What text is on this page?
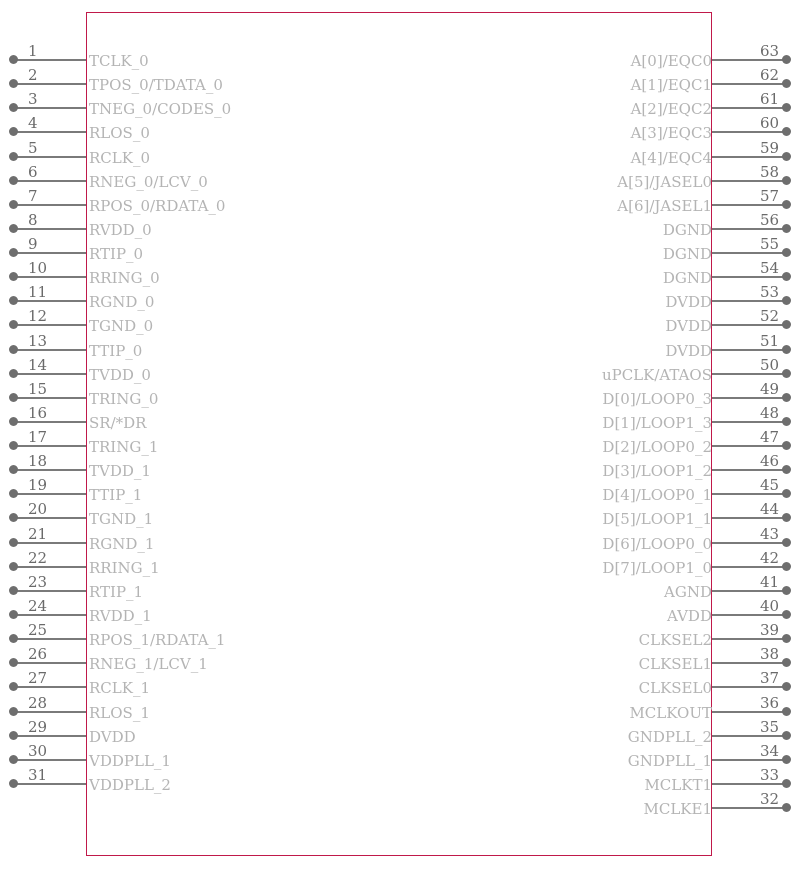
1
TCLK_0
2
TPOS_0/TDATA_0
3
TNEG_0/CODES_0
4
RLOS_0
5
RCLK_0
6
RNEG_0/LCV_0
7
RPOS_0/RDATA_0
8
RVDD_0
9
RTIP_0
10
RRING_0
11
RGND_0
12
TGND_0
13
TTIP_0
14
TVDD_0
15
TRING_0
16
SR/*DR
17
TRING_1
18
TVDD_1
19
TTIP_1
20
TGND_1
21
RGND_1
22
RRING_1
23
RTIP_1
24
RVDD_1
25
RPOS_1/RDATA_1
26
RNEG_1/LCV_1
27
RCLK_1
28
RLOS_1
29
DVDD
30
VDDPLL_1
31
VDDPLL_2
63
A[0]/EQC0
62
A[1]/EQC1
61
A[2]/EQC2
60
A[3]/EQC3
59
A[4]/EQC4
58
A[5]/JASEL0
57
A[6]/JASEL1
56
DGND
55
DGND
54
DGND
53
DVDD
52
DVDD
51
DVDD
50
uPCLK/ATAOS
49
D[0]/LOOP0_3
48
D[1]/LOOP1_3
47
D[2]/LOOP0_2
46
D[3]/LOOP1_2
45
D[4]/LOOP0_1
44
D[5]/LOOP1_1
43
D[6]/LOOP0_0
42
D[7]/LOOP1_0
41
AGND
40
AVDD
39
CLKSEL2
38
CLKSEL1
37
CLKSEL0
36
MCLKOUT
35
GNDPLL_2
34
GNDPLL_1
33
MCLKT1
32
MCLKE1
